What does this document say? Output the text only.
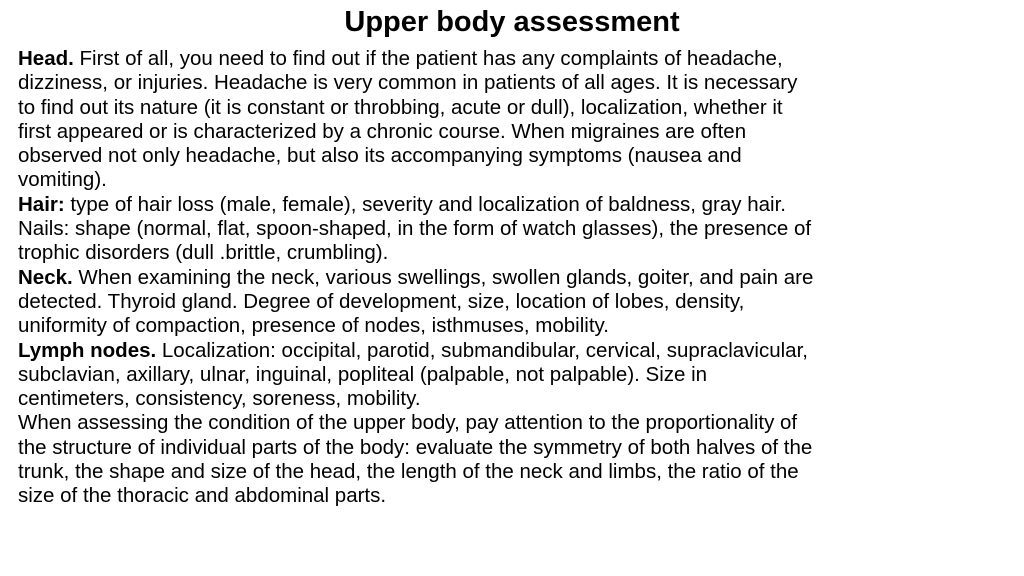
Upper body assessment
Head. First of all, you need to find out if the patient has any complaints of headache,
dizziness, or injuries. Headache is very common in patients of all ages. It is necessary
to find out its nature (it is constant or throbbing, acute or dull), localization, whether it
first appeared or is characterized by a chronic course. When migraines are often
observed not only headache, but also its accompanying symptoms (nausea and
vomiting).
Hair: type of hair loss (male, female), severity and localization of baldness, gray hair.
Nails: shape (normal, flat, spoon-shaped, in the form of watch glasses), the presence of
trophic disorders (dull .brittle, crumbling).
Neck. When examining the neck, various swellings, swollen glands, goiter, and pain are
detected. Thyroid gland. Degree of development, size, location of lobes, density,
uniformity of compaction, presence of nodes, isthmuses, mobility.
Lymph nodes. Localization: occipital, parotid, submandibular, cervical, supraclavicular,
subclavian, axillary, ulnar, inguinal, popliteal (palpable, not palpable). Size in
centimeters, consistency, soreness, mobility.
When assessing the condition of the upper body, pay attention to the proportionality of
the structure of individual parts of the body: evaluate the symmetry of both halves of the
trunk, the shape and size of the head, the length of the neck and limbs, the ratio of the
size of the thoracic and abdominal parts.
